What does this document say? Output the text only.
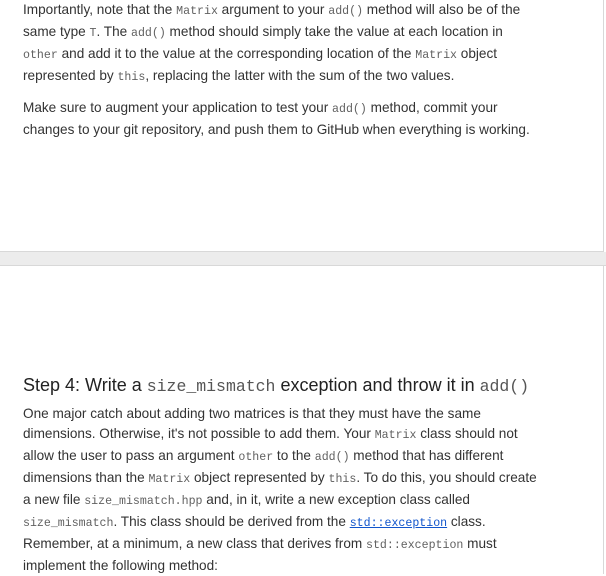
Importantly, note that the Matrix argument to your add() method will also be of the
same type T. The add() method should simply take the value at each location in
other and add it to the value at the corresponding location of the Matrix object
represented by this, replacing the latter with the sum of the two values.

Make sure to augment your application to test your add() method, commit your
changes to your git repository, and push them to GitHub when everything is working.

Step 4: Write a size_mismatch exception and throw it in add()

One major catch about adding two matrices is that they must have the same
dimensions. Otherwise, it's not possible to add them. Your Matrix class should not
allow the user to pass an argument other to the add() method that has different
dimensions than the Matrix object represented by this. To do this, you should create
a new file size_mismatch.hpp and, in it, write a new exception class called
size_mismatch. This class should be derived from the std::exception class.
Remember, at a minimum, a new class that derives from std::exception must
implement the following method:
